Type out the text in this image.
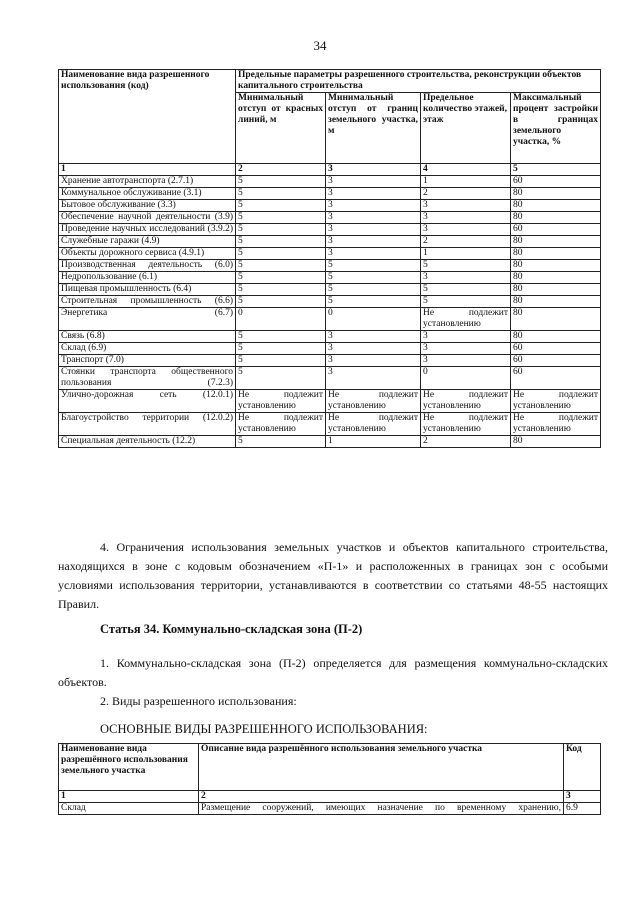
34
Наименование вида разрешенного использования (код)	Предельные параметры разрешенного строительства, реконструкции объектов капитального строительства			
	Минимальный отступ от красных линий, м	Минимальный отступ от границ земельного участка, м	Предельное количество этажей, этаж	Максимальный процент застройки в границах земельного участка, %
1	2	3	4	5
Хранение автотранспорта (2.7.1)	5	3	1	60
Коммунальное обслуживание (3.1)	5	3	2	80
Бытовое обслуживание (3.3)	5	3	3	80
Обеспечение научной деятельности (3.9)	5	3	3	80
Проведение научных исследований (3.9.2)	5	3	3	60
Служебные гаражи (4.9)	5	3	2	80
Объекты дорожного сервиса (4.9.1)	5	3	1	80
Производственная деятельность (6.0)	5	5	5	80
Недропользование (6.1)	5	5	3	80
Пищевая промышленность (6.4)	5	5	5	80
Строительная промышленность (6.6)	5	5	5	80
Энергетика (6.7)	0	0	Не подлежит установлению	80
Связь (6.8)	5	3	3	80
Склад (6.9)	5	3	3	60
Транспорт (7.0)	5	3	3	60
Стоянки транспорта общественного пользования (7.2.3)	5	3	0	60
Улично-дорожная сеть (12.0.1)	Не подлежит установлению	Не подлежит установлению	Не подлежит установлению	Не подлежит установлению
Благоустройство территории (12.0.2)	Не подлежит установлению	Не подлежит установлению	Не подлежит установлению	Не подлежит установлению
Специальная деятельность (12.2)	5	1	2	80

4. Ограничения использования земельных участков и объектов капитального строительства, находящихся в зоне с кодовым обозначением «П-1» и расположенных в границах зон с особыми условиями использования территории, устанавливаются в соответствии со статьями 48-55 настоящих Правил.

Статья 34. Коммунально-складская зона (П-2)

1. Коммунально-складская зона (П-2) определяется для размещения коммунально-складских объектов.

2. Виды разрешенного использования:

ОСНОВНЫЕ ВИДЫ РАЗРЕШЕННОГО ИСПОЛЬЗОВАНИЯ:

Наименование вида разрешённого использования земельного участка	Описание вида разрешённого использования земельного участка	Код
1	2	3
Склад	Размещение сооружений, имеющих назначение по временному хранению,	6.9
